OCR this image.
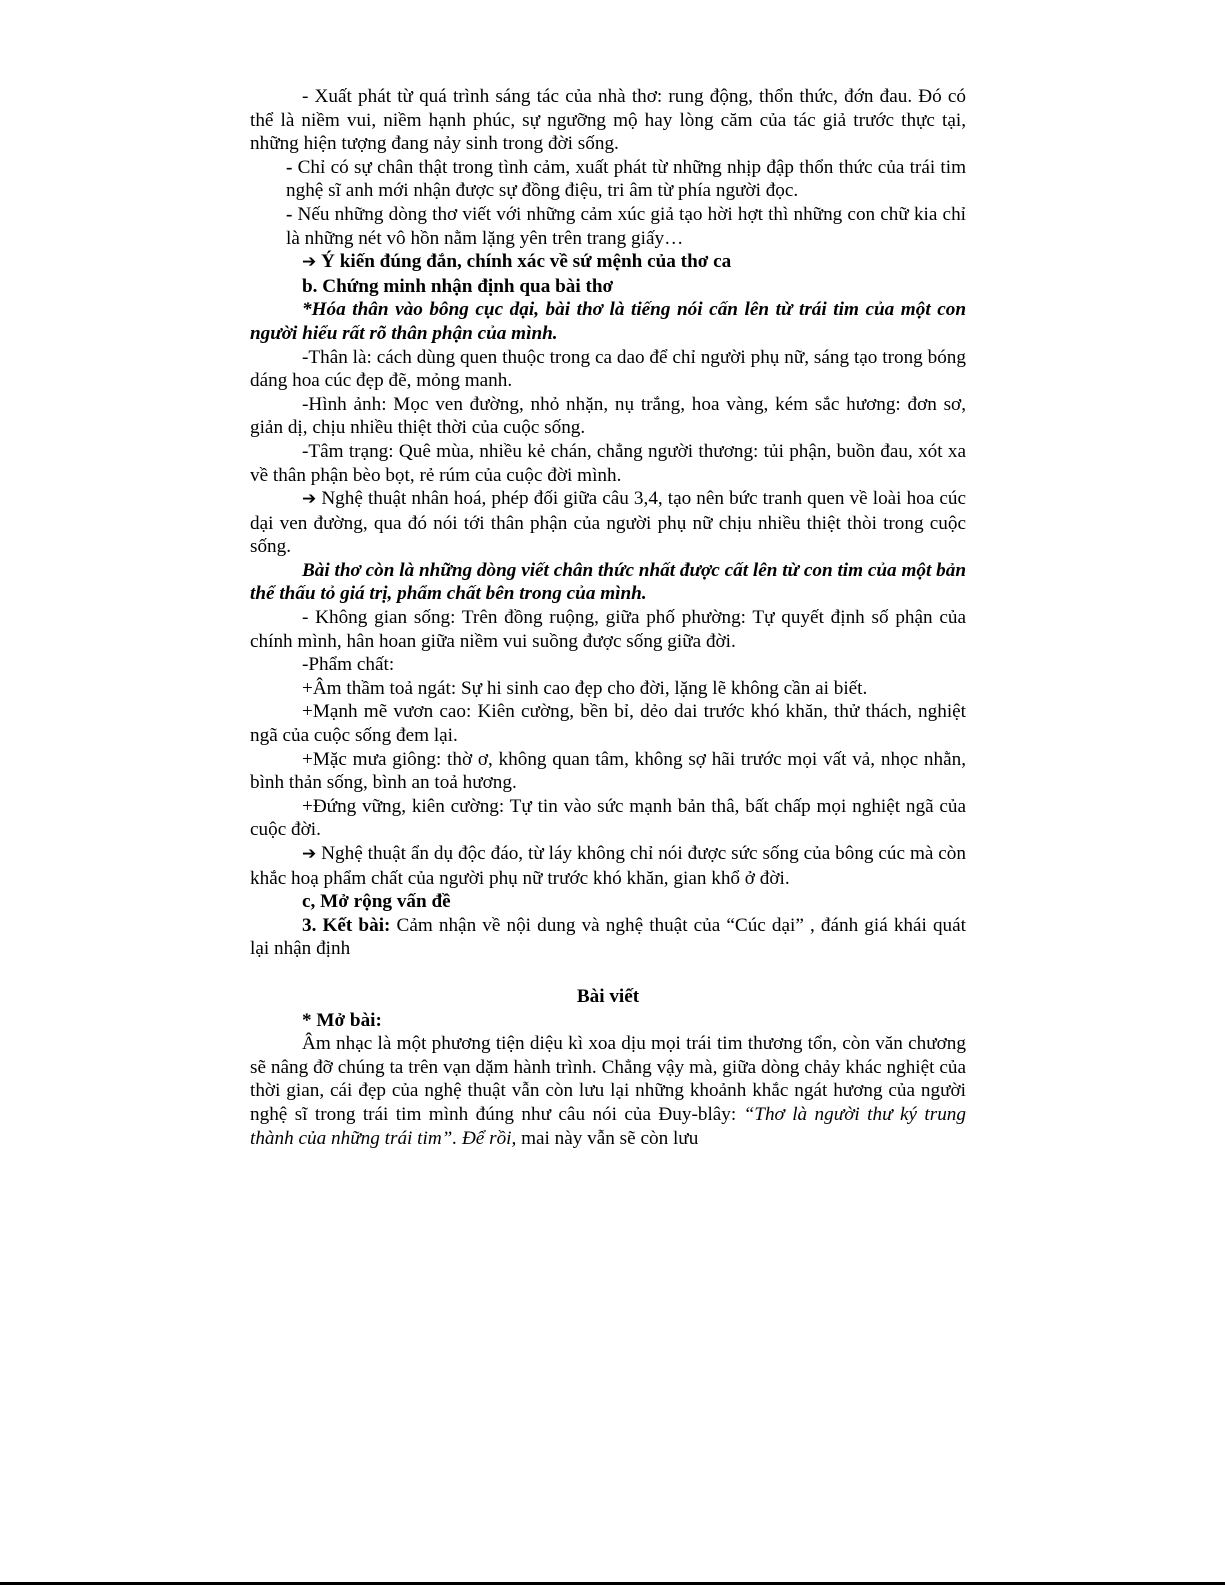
- Xuất phát từ quá trình sáng tác của nhà thơ: rung động, thổn thức, đớn đau. Đó có thể là niềm vui, niềm hạnh phúc, sự ngưỡng mộ hay lòng căm của tác giả trước thực tại, những hiện tượng đang nảy sinh trong đời sống.

- Chỉ có sự chân thật trong tình cảm, xuất phát từ những nhịp đập thổn thức của trái tim nghệ sĩ anh mới nhận được sự đồng điệu, tri âm từ phía người đọc.

- Nếu những dòng thơ viết với những cảm xúc giả tạo hời hợt thì những con chữ kia chỉ là những nét vô hồn nằm lặng yên trên trang giấy…

➔ Ý kiến đúng đắn, chính xác về sứ mệnh của thơ ca

b. Chứng minh nhận định qua bài thơ

*Hóa thân vào bông cục dại, bài thơ là tiếng nói cấn lên từ trái tim của một con người hiểu rất rõ thân phận của mình.

-Thân là: cách dùng quen thuộc trong ca dao để chỉ người phụ nữ, sáng tạo trong bóng dáng hoa cúc đẹp đẽ, mỏng manh.

-Hình ảnh: Mọc ven đường, nhỏ nhặn, nụ trắng, hoa vàng, kém sắc hương: đơn sơ, giản dị, chịu nhiều thiệt thời của cuộc sống.

-Tâm trạng: Quê mùa, nhiều kẻ chán, chẳng người thương: tủi phận, buồn đau, xót xa về thân phận bèo bọt, rẻ rúm của cuộc đời mình.

➔ Nghệ thuật nhân hoá, phép đối giữa câu 3,4, tạo nên bức tranh quen về loài hoa cúc dại ven đường, qua đó nói tới thân phận của người phụ nữ chịu nhiều thiệt thòi trong cuộc sống.

Bài thơ còn là những dòng viết chân thức nhất được cất lên từ con tim của một bản thể thấu tỏ giá trị, phẩm chất bên trong của mình.

- Không gian sống: Trên đồng ruộng, giữa phố phường: Tự quyết định số phận của chính mình, hân hoan giữa niềm vui suồng được sống giữa đời.

-Phẩm chất:

+Âm thầm toả ngát: Sự hi sinh cao đẹp cho đời, lặng lẽ không cần ai biết.

+Mạnh mẽ vươn cao: Kiên cường, bền bỉ, dẻo dai trước khó khăn, thử thách, nghiệt ngã của cuộc sống đem lại.

+Mặc mưa giông: thờ ơ, không quan tâm, không sợ hãi trước mọi vất vả, nhọc nhằn, bình thản sống, bình an toả hương.

+Đứng vững, kiên cường: Tự tin vào sức mạnh bản thâ, bất chấp mọi nghiệt ngã của cuộc đời.

➔ Nghệ thuật ẩn dụ độc đáo, từ láy không chỉ nói được sức sống của bông cúc mà còn khắc hoạ phẩm chất của người phụ nữ trước khó khăn, gian khổ ở đời.

c, Mở rộng vấn đề

3. Kết bài: Cảm nhận về nội dung và nghệ thuật của “Cúc dại” , đánh giá khái quát lại nhận định

Bài viết

* Mở bài:

Âm nhạc là một phương tiện diệu kì xoa dịu mọi trái tim thương tổn, còn văn chương sẽ nâng đỡ chúng ta trên vạn dặm hành trình. Chẳng vậy mà, giữa dòng chảy khác nghiệt của thời gian, cái đẹp của nghệ thuật vẫn còn lưu lại những khoảnh khắc ngát hương của người nghệ sĩ trong trái tim mình đúng như câu nói của Đuy-blây: “Thơ là người thư ký trung thành của những trái tim”. Để rồi, mai này vẫn sẽ còn lưu
